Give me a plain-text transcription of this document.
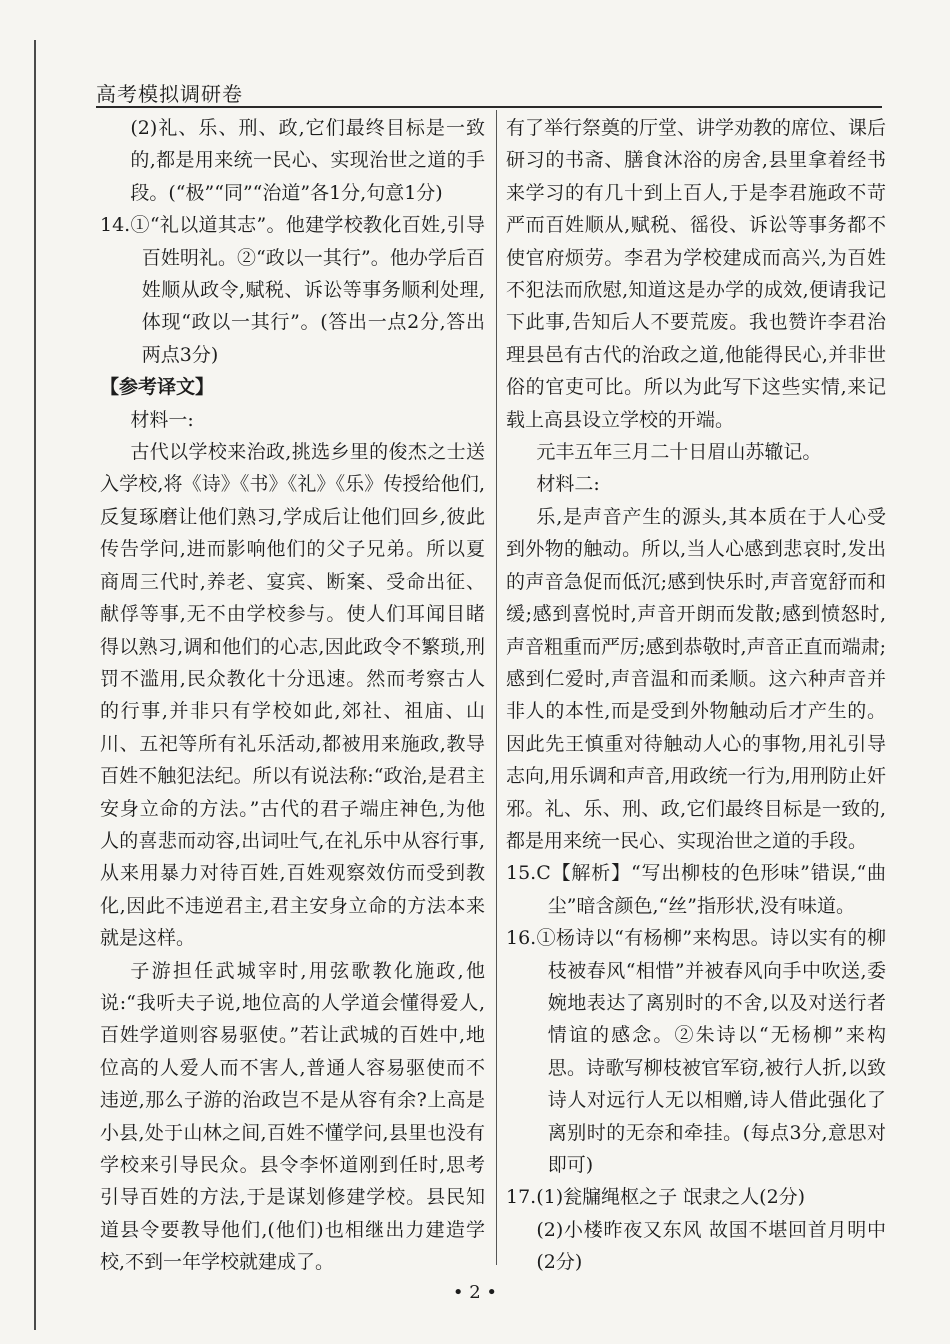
高考模拟调研卷

(2)礼、乐、刑、政,它们最终目标是一致的,都是用来统一民心、实现治世之道的手段。(“极”“同”“治道”各1分,句意1分)

14.①“礼以道其志”。他建学校教化百姓,引导百姓明礼。②“政以一其行”。他办学后百姓顺从政令,赋税、诉讼等事务顺利处理,体现“政以一其行”。(答出一点2分,答出两点3分)

【参考译文】

材料一:

古代以学校来治政,挑选乡里的俊杰之士送入学校,将《诗》《书》《礼》《乐》传授给他们,反复琢磨让他们熟习,学成后让他们回乡,彼此传告学问,进而影响他们的父子兄弟。所以夏商周三代时,养老、宴宾、断案、受命出征、献俘等事,无不由学校参与。使人们耳闻目睹得以熟习,调和他们的心志,因此政令不繁琐,刑罚不滥用,民众教化十分迅速。然而考察古人的行事,并非只有学校如此,郊社、祖庙、山川、五祀等所有礼乐活动,都被用来施政,教导百姓不触犯法纪。所以有说法称:“政治,是君主安身立命的方法。”古代的君子端庄神色,为他人的喜悲而动容,出词吐气,在礼乐中从容行事,从来用暴力对待百姓,百姓观察效仿而受到教化,因此不违逆君主,君主安身立命的方法本来就是这样。

子游担任武城宰时,用弦歌教化施政,他说:“我听夫子说,地位高的人学道会懂得爱人,百姓学道则容易驱使。”若让武城的百姓中,地位高的人爱人而不害人,普通人容易驱使而不违逆,那么子游的治政岂不是从容有余?上高是小县,处于山林之间,百姓不懂学问,县里也没有学校来引导民众。县令李怀道刚到任时,思考引导百姓的方法,于是谋划修建学校。县民知道县令要教导他们,(他们)也相继出力建造学校,不到一年学校就建成了。

有了举行祭奠的厅堂、讲学劝教的席位、课后研习的书斋、膳食沐浴的房舍,县里拿着经书来学习的有几十到上百人,于是李君施政不苛严而百姓顺从,赋税、徭役、诉讼等事务都不使官府烦劳。李君为学校建成而高兴,为百姓不犯法而欣慰,知道这是办学的成效,便请我记下此事,告知后人不要荒废。我也赞许李君治理县邑有古代的治政之道,他能得民心,并非世俗的官吏可比。所以为此写下这些实情,来记载上高县设立学校的开端。

元丰五年三月二十日眉山苏辙记。

材料二:

乐,是声音产生的源头,其本质在于人心受到外物的触动。所以,当人心感到悲哀时,发出的声音急促而低沉;感到快乐时,声音宽舒而和缓;感到喜悦时,声音开朗而发散;感到愤怒时,声音粗重而严厉;感到恭敬时,声音正直而端肃;感到仁爱时,声音温和而柔顺。这六种声音并非人的本性,而是受到外物触动后才产生的。因此先王慎重对待触动人心的事物,用礼引导志向,用乐调和声音,用政统一行为,用刑防止奸邪。礼、乐、刑、政,它们最终目标是一致的,都是用来统一民心、实现治世之道的手段。

15.C【解析】“写出柳枝的色形味”错误,“曲尘”暗含颜色,“丝”指形状,没有味道。

16.①杨诗以“有杨柳”来构思。诗以实有的柳枝被春风“相惜”并被春风向手中吹送,委婉地表达了离别时的不舍,以及对送行者情谊的感念。②朱诗以“无杨柳”来构思。诗歌写柳枝被官军窃,被行人折,以致诗人对远行人无以相赠,诗人借此强化了离别时的无奈和牵挂。(每点3分,意思对即可)

17.(1)瓮牖绳枢之子 氓隶之人(2分)

(2)小楼昨夜又东风 故国不堪回首月明中(2分)

• 2 •
